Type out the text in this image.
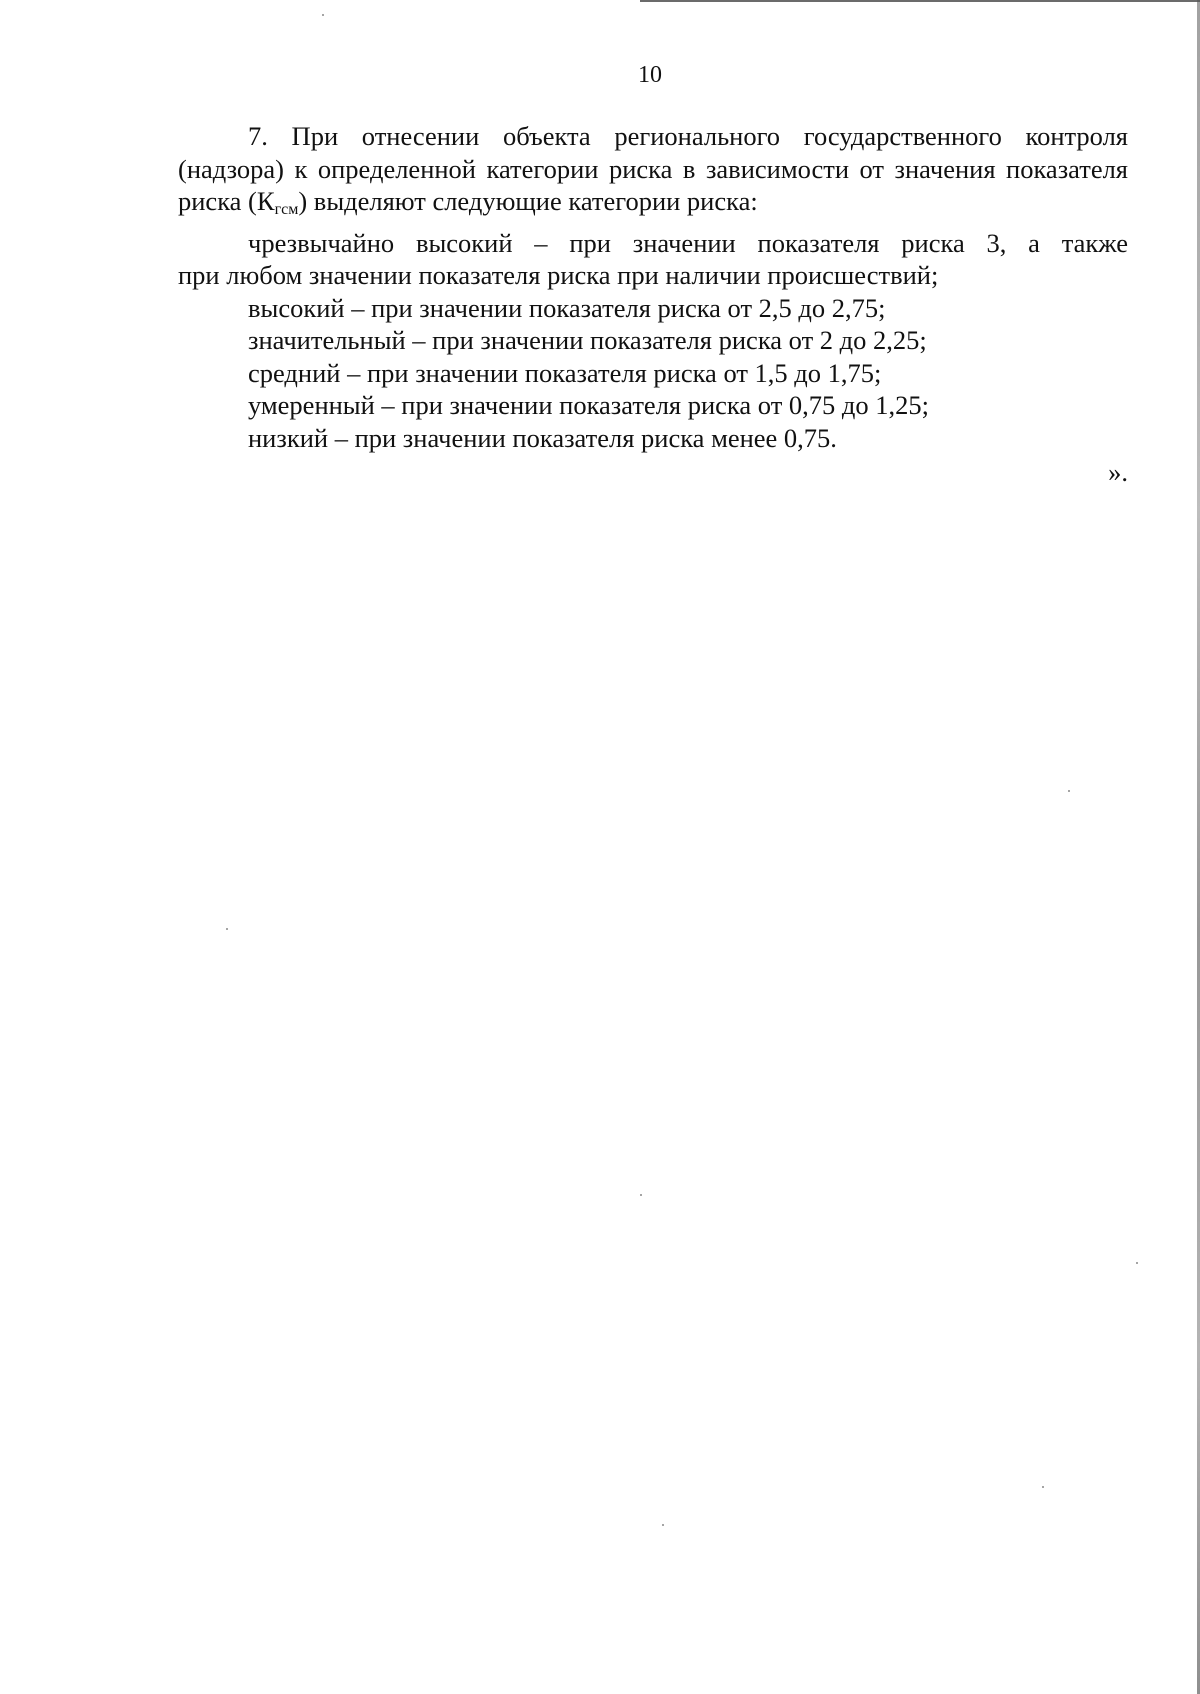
10

7. При отнесении объекта регионального государственного контроля (надзора) к определенной категории риска в зависимости от значения показателя риска $(К_{гсм})$ выделяют следующие категории риска:

чрезвычайно высокий – при значении показателя риска 3, а также

при любом значении показателя риска при наличии происшествий;

высокий – при значении показателя риска от 2,5 до 2,75;

значительный – при значении показателя риска от 2 до 2,25;

средний – при значении показателя риска от 1,5 до 1,75;

умеренный – при значении показателя риска от 0,75 до 1,25;

низкий – при значении показателя риска менее 0,75.

».
